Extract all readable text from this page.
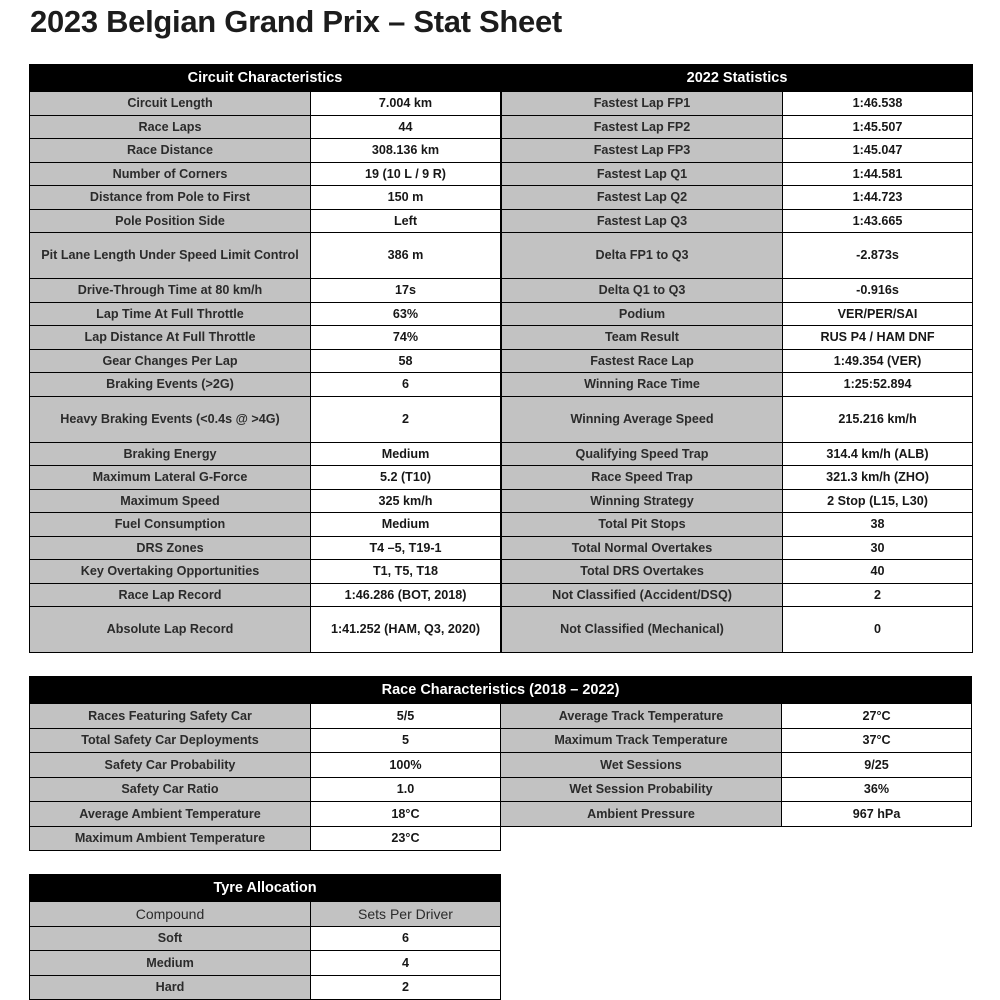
2023 Belgian Grand Prix – Stat Sheet
Circuit Characteristics	
Circuit Length	7.004 km
Race Laps	44
Race Distance	308.136 km
Number of Corners	19 (10 L / 9 R)
Distance from Pole to First	150 m
Pole Position Side	Left
Pit Lane Length Under Speed Limit Control	386 m
Drive-Through Time at 80 km/h	17s
Lap Time At Full Throttle	63%
Lap Distance At Full Throttle	74%
Gear Changes Per Lap	58
Braking Events (>2G)	6
Heavy Braking Events (<0.4s @ >4G)	2
Braking Energy	Medium
Maximum Lateral G-Force	5.2 (T10)
Maximum Speed	325 km/h
Fuel Consumption	Medium
DRS Zones	T4 –5, T19-1
Key Overtaking Opportunities	T1, T5, T18
Race Lap Record	1:46.286 (BOT, 2018)
Absolute Lap Record	1:41.252 (HAM, Q3, 2020)
2022 Statistics	
Fastest Lap FP1	1:46.538
Fastest Lap FP2	1:45.507
Fastest Lap FP3	1:45.047
Fastest Lap Q1	1:44.581
Fastest Lap Q2	1:44.723
Fastest Lap Q3	1:43.665
Delta FP1 to Q3	-2.873s
Delta Q1 to Q3	-0.916s
Podium	VER/PER/SAI
Team Result	RUS P4 / HAM DNF
Fastest Race Lap	1:49.354 (VER)
Winning Race Time	1:25:52.894
Winning Average Speed	215.216 km/h
Qualifying Speed Trap	314.4 km/h (ALB)
Race Speed Trap	321.3 km/h (ZHO)
Winning Strategy	2 Stop (L15, L30)
Total Pit Stops	38
Total Normal Overtakes	30
Total DRS Overtakes	40
Not Classified (Accident/DSQ)	2
Not Classified (Mechanical)	0
Race Characteristics (2018 – 2022)			
Races Featuring Safety Car	5/5	Average Track Temperature	27°C
Total Safety Car Deployments	5	Maximum Track Temperature	37°C
Safety Car Probability	100%	Wet Sessions	9/25
Safety Car Ratio	1.0	Wet Session Probability	36%
Average Ambient Temperature	18°C	Ambient Pressure	967 hPa
Maximum Ambient Temperature	23°C		
Tyre Allocation	
Compound	Sets Per Driver
Soft	6
Medium	4
Hard	2
